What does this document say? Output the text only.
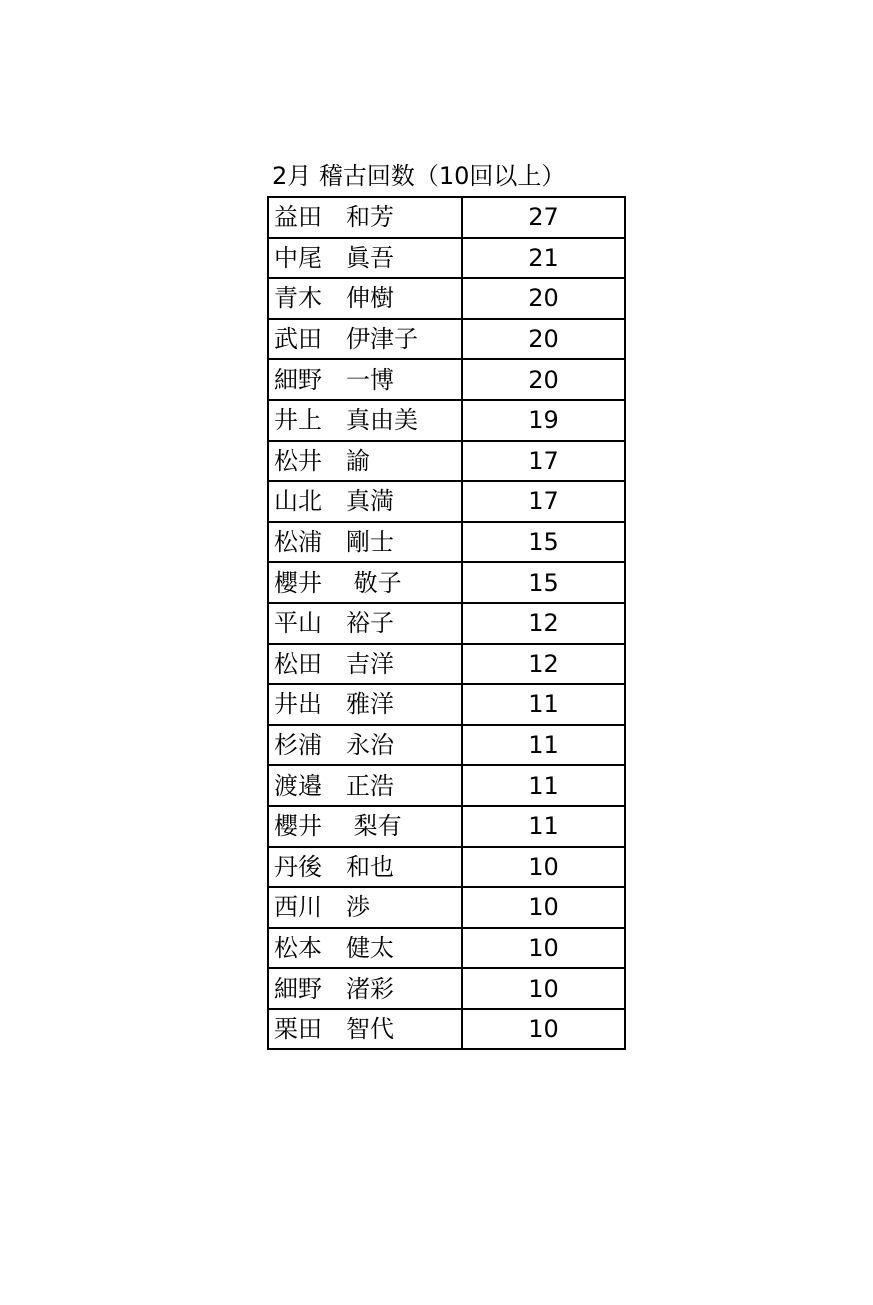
2月 稽古回数（10回以上）
益田　和芳	27
中尾　眞吾	21
青木　伸樹	20
武田　伊津子	20
細野　一博	20
井上　真由美	19
松井　諭	17
山北　真満	17
松浦　剛士	15
櫻井　 敬子	15
平山　裕子	12
松田　吉洋	12
井出　雅洋	11
杉浦　永治	11
渡邉　正浩	11
櫻井　 梨有	11
丹後　和也	10
西川　渉	10
松本　健太	10
細野　渚彩	10
栗田　智代	10
